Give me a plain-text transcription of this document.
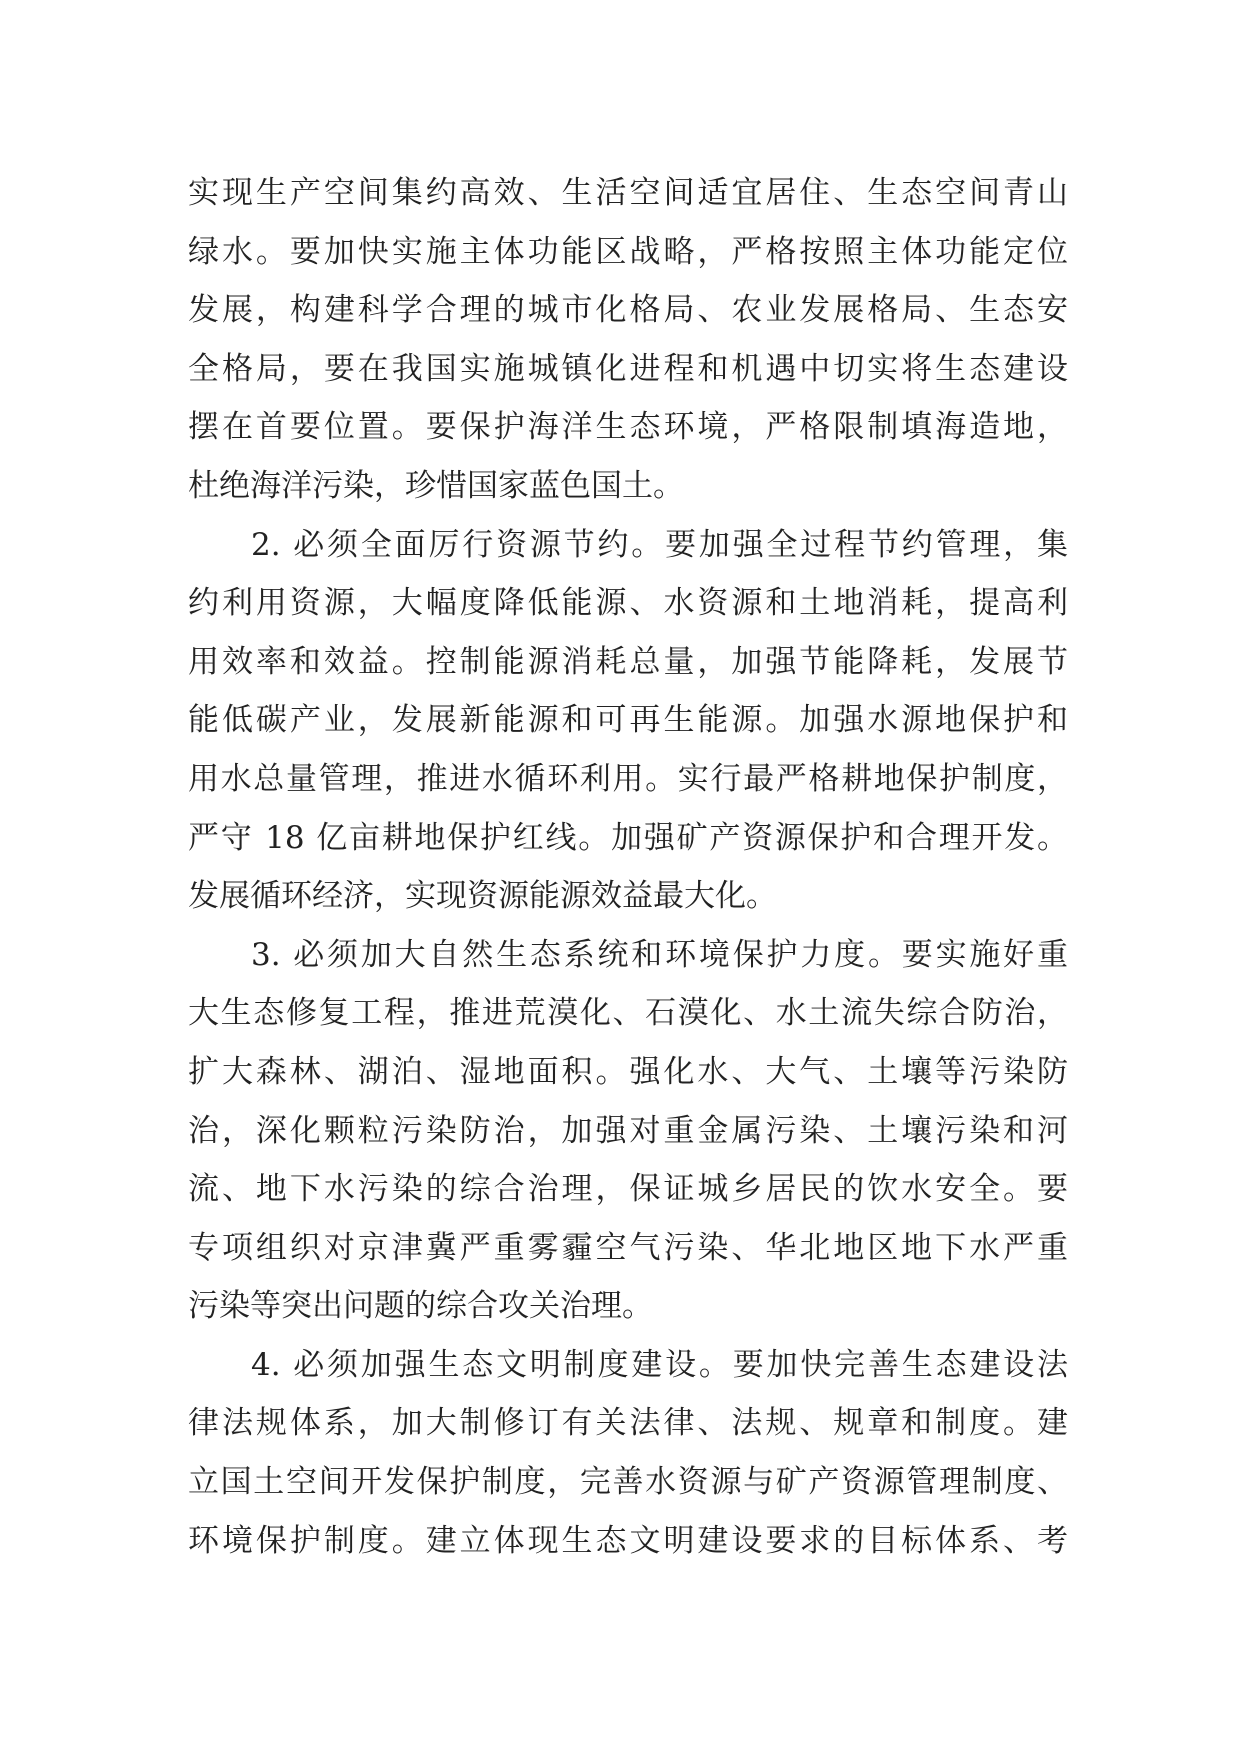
实现生产空间集约高效、生活空间适宜居住、生态空间青山
绿水。要加快实施主体功能区战略，严格按照主体功能定位
发展，构建科学合理的城市化格局、农业发展格局、生态安
全格局，要在我国实施城镇化进程和机遇中切实将生态建设
摆在首要位置。要保护海洋生态环境，严格限制填海造地，
杜绝海洋污染，珍惜国家蓝色国土。
2. 必须全面厉行资源节约。要加强全过程节约管理，集
约利用资源，大幅度降低能源、水资源和土地消耗，提高利
用效率和效益。控制能源消耗总量，加强节能降耗，发展节
能低碳产业，发展新能源和可再生能源。加强水源地保护和
用水总量管理，推进水循环利用。实行最严格耕地保护制度，
严守 18 亿亩耕地保护红线。加强矿产资源保护和合理开发。
发展循环经济，实现资源能源效益最大化。
3. 必须加大自然生态系统和环境保护力度。要实施好重
大生态修复工程，推进荒漠化、石漠化、水土流失综合防治，
扩大森林、湖泊、湿地面积。强化水、大气、土壤等污染防
治，深化颗粒污染防治，加强对重金属污染、土壤污染和河
流、地下水污染的综合治理，保证城乡居民的饮水安全。要
专项组织对京津冀严重雾霾空气污染、华北地区地下水严重
污染等突出问题的综合攻关治理。
4. 必须加强生态文明制度建设。要加快完善生态建设法
律法规体系，加大制修订有关法律、法规、规章和制度。建
立国土空间开发保护制度，完善水资源与矿产资源管理制度、
环境保护制度。建立体现生态文明建设要求的目标体系、考
